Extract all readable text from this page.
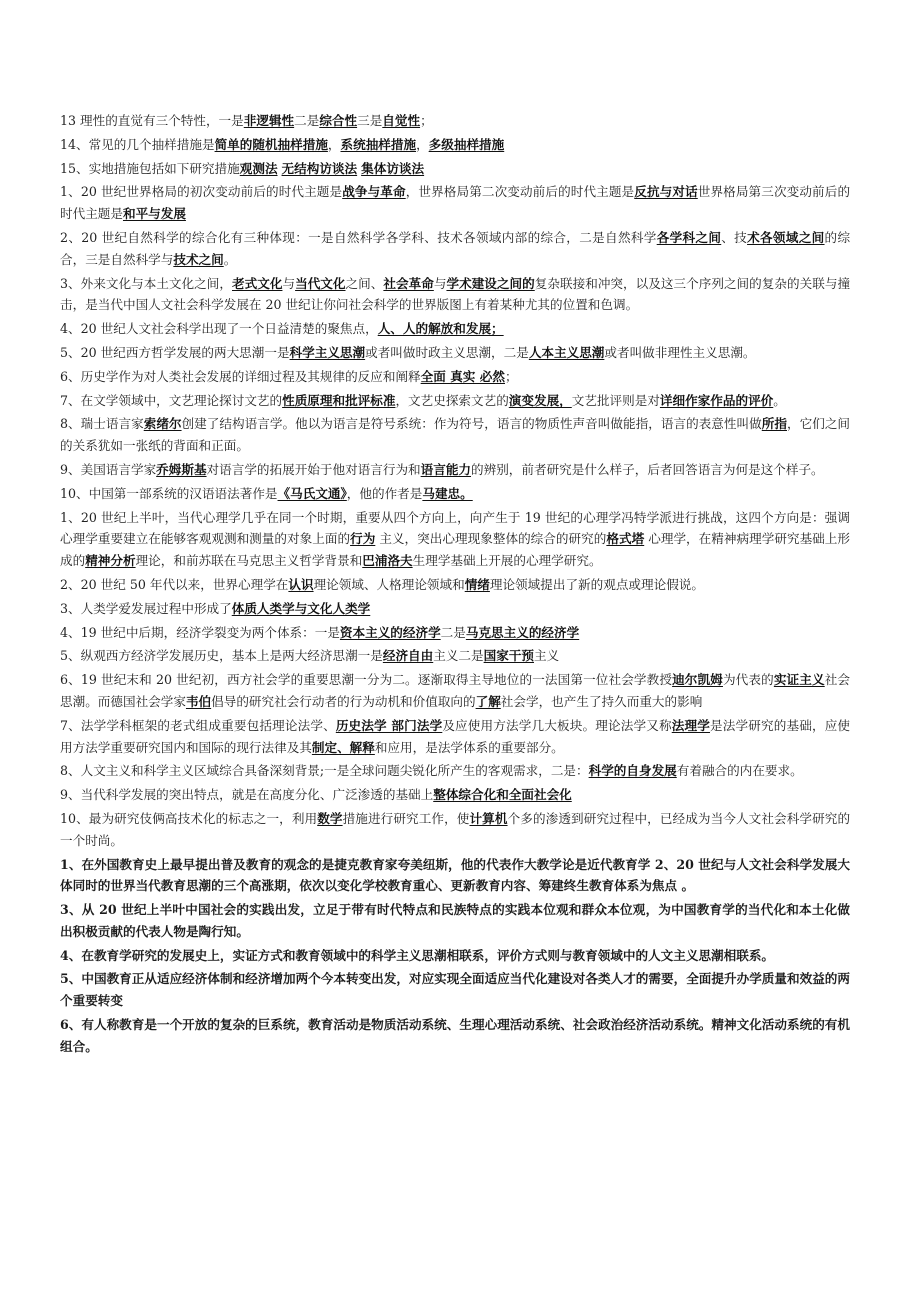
13 理性的直觉有三个特性，一是非逻辑性二是综合性三是自觉性；

14、常见的几个抽样措施是简单的随机抽样措施，系统抽样措施，多级抽样措施

15、实地措施包括如下研究措施观测法 无结构访谈法 集体访谈法

1、20 世纪世界格局的初次变动前后的时代主题是战争与革命，世界格局第二次变动前后的时代主题是反抗与对话世界格局第三次变动前后的时代主题是和平与发展

2、20 世纪自然科学的综合化有三种体现：一是自然科学各学科、技术各领域内部的综合，二是自然科学各学科之间、技术各领域之间的综合，三是自然科学与技术之间。

3、外来文化与本土文化之间，老式文化与当代文化之间、社会革命与学术建设之间的复杂联接和冲突，以及这三个序列之间的复杂的关联与撞击，是当代中国人文社会科学发展在 20 世纪让你问社会科学的世界版图上有着某种尤其的位置和色调。

4、20 世纪人文社会科学出现了一个日益清楚的聚焦点，人、人的解放和发展；

5、20 世纪西方哲学发展的两大思潮一是科学主义思潮或者叫做时政主义思潮，二是人本主义思潮或者叫做非理性主义思潮。

6、历史学作为对人类社会发展的详细过程及其规律的反应和阐释全面 真实 必然；

7、在文学领域中，文艺理论探讨文艺的性质原理和批评标准，文艺史探索文艺的演变发展，文艺批评则是对详细作家作品的评价。

8、瑞士语言家索绪尔创建了结构语言学。他以为语言是符号系统：作为符号，语言的物质性声音叫做能指，语言的表意性叫做所指，它们之间的关系犹如一张纸的背面和正面。

9、美国语言学家乔姆斯基对语言学的拓展开始于他对语言行为和语言能力的辨别，前者研究是什么样子，后者回答语言为何是这个样子。

10、中国第一部系统的汉语语法著作是《马氏文通》，他的作者是马建忠。

1、20 世纪上半叶，当代心理学几乎在同一个时期，重要从四个方向上，向产生于 19 世纪的心理学冯特学派进行挑战，这四个方向是：强调心理学重要建立在能够客观观测和测量的对象上面的行为 主义，突出心理现象整体的综合的研究的格式塔 心理学，在精神病理学研究基础上形成的精神分析理论，和前苏联在马克思主义哲学背景和巴浦洛夫生理学基础上开展的心理学研究。

2、20 世纪 50 年代以来，世界心理学在认识理论领域、人格理论领域和情绪理论领域提出了新的观点或理论假说。

3、人类学爱发展过程中形成了体质人类学与文化人类学

4、19 世纪中后期，经济学裂变为两个体系：一是资本主义的经济学二是马克思主义的经济学

5、纵观西方经济学发展历史，基本上是两大经济思潮一是经济自由主义二是国家干预主义

6、19 世纪末和 20 世纪初，西方社会学的重要思潮一分为二。逐渐取得主导地位的一法国第一位社会学教授迪尔凯姆为代表的实证主义社会思潮。而德国社会学家韦伯倡导的研究社会行动者的行为动机和价值取向的了解社会学，也产生了持久而重大的影响

7、法学学科框架的老式组成重要包括理论法学、历史法学 部门法学及应使用方法学几大板块。理论法学又称法理学是法学研究的基础，应使用方法学重要研究国内和国际的现行法律及其制定、解释和应用，是法学体系的重要部分。

8、人文主义和科学主义区域综合具备深刻背景;一是全球问题尖锐化所产生的客观需求，二是：科学的自身发展有着融合的内在要求。

9、当代科学发展的突出特点，就是在高度分化、广泛渗透的基础上整体综合化和全面社会化

10、最为研究伎俩高技术化的标志之一，利用数学措施进行研究工作，使计算机个多的渗透到研究过程中，已经成为当今人文社会科学研究的一个时尚。

1、在外国教育史上最早提出普及教育的观念的是捷克教育家夸美纽斯，他的代表作大教学论是近代教育学 2、20 世纪与人文社会科学发展大体同时的世界当代教育思潮的三个高涨期，依次以变化学校教育重心、更新教育内容、筹建终生教育体系为焦点 。

3、从 20 世纪上半叶中国社会的实践出发，立足于带有时代特点和民族特点的实践本位观和群众本位观，为中国教育学的当代化和本土化做出积极贡献的代表人物是陶行知。

4、在教育学研究的发展史上，实证方式和教育领域中的科学主义思潮相联系，评价方式则与教育领域中的人文主义思潮相联系。

5、中国教育正从适应经济体制和经济增加两个今本转变出发，对应实现全面适应当代化建设对各类人才的需要，全面提升办学质量和效益的两个重要转变

6、有人称教育是一个开放的复杂的巨系统，教育活动是物质活动系统、生理心理活动系统、社会政治经济活动系统。精神文化活动系统的有机组合。
